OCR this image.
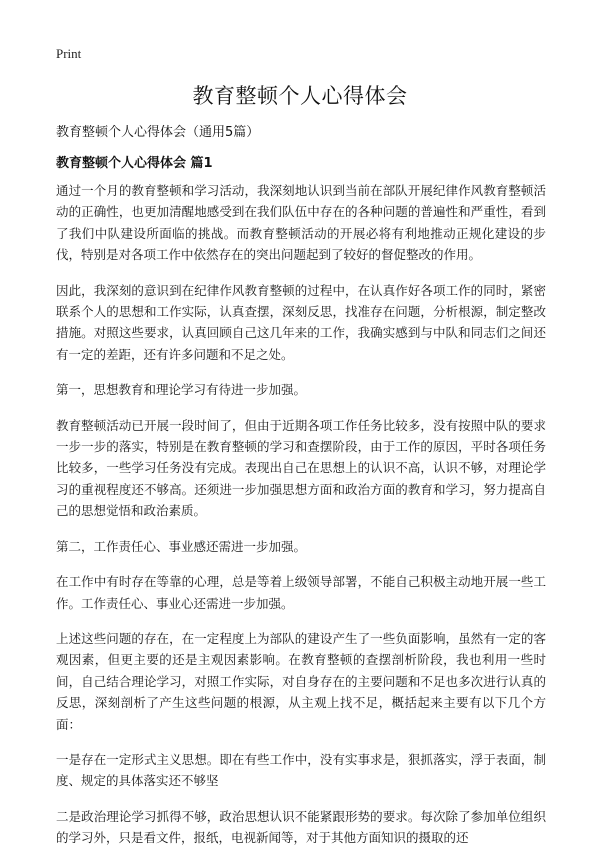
Print
教育整顿个人心得体会

教育整顿个人心得体会（通用5篇）

教育整顿个人心得体会 篇1

通过一个月的教育整顿和学习活动，我深刻地认识到当前在部队开展纪律作风教育整顿活动的正确性，也更加清醒地感受到在我们队伍中存在的各种问题的普遍性和严重性，看到了我们中队建设所面临的挑战。而教育整顿活动的开展必将有利地推动正规化建设的步伐，特别是对各项工作中依然存在的突出问题起到了较好的督促整改的作用。

因此，我深刻的意识到在纪律作风教育整顿的过程中，在认真作好各项工作的同时，紧密联系个人的思想和工作实际，认真查摆，深刻反思，找准存在问题，分析根源，制定整改措施。对照这些要求，认真回顾自己这几年来的工作，我确实感到与中队和同志们之间还有一定的差距，还有许多问题和不足之处。

第一，思想教育和理论学习有待进一步加强。

教育整顿活动已开展一段时间了，但由于近期各项工作任务比较多，没有按照中队的要求一步一步的落实，特别是在教育整顿的学习和查摆阶段，由于工作的原因，平时各项任务比较多，一些学习任务没有完成。表现出自己在思想上的认识不高，认识不够，对理论学习的重视程度还不够高。还须进一步加强思想方面和政治方面的教育和学习，努力提高自己的思想觉悟和政治素质。

第二，工作责任心、事业感还需进一步加强。

在工作中有时存在等靠的心理，总是等着上级领导部署，不能自己积极主动地开展一些工作。工作责任心、事业心还需进一步加强。

上述这些问题的存在，在一定程度上为部队的建设产生了一些负面影响，虽然有一定的客观因素，但更主要的还是主观因素影响。在教育整顿的查摆剖析阶段，我也利用一些时间，自己结合理论学习，对照工作实际，对自身存在的主要问题和不足也多次进行认真的反思，深刻剖析了产生这些问题的根源，从主观上找不足，概括起来主要有以下几个方面：

一是存在一定形式主义思想。即在有些工作中，没有实事求是，狠抓落实，浮于表面，制度、规定的具体落实还不够坚

二是政治理论学习抓得不够，政治思想认识不能紧跟形势的要求。每次除了参加单位组织的学习外，只是看文件，报纸，电视新闻等，对于其他方面知识的摄取的还
